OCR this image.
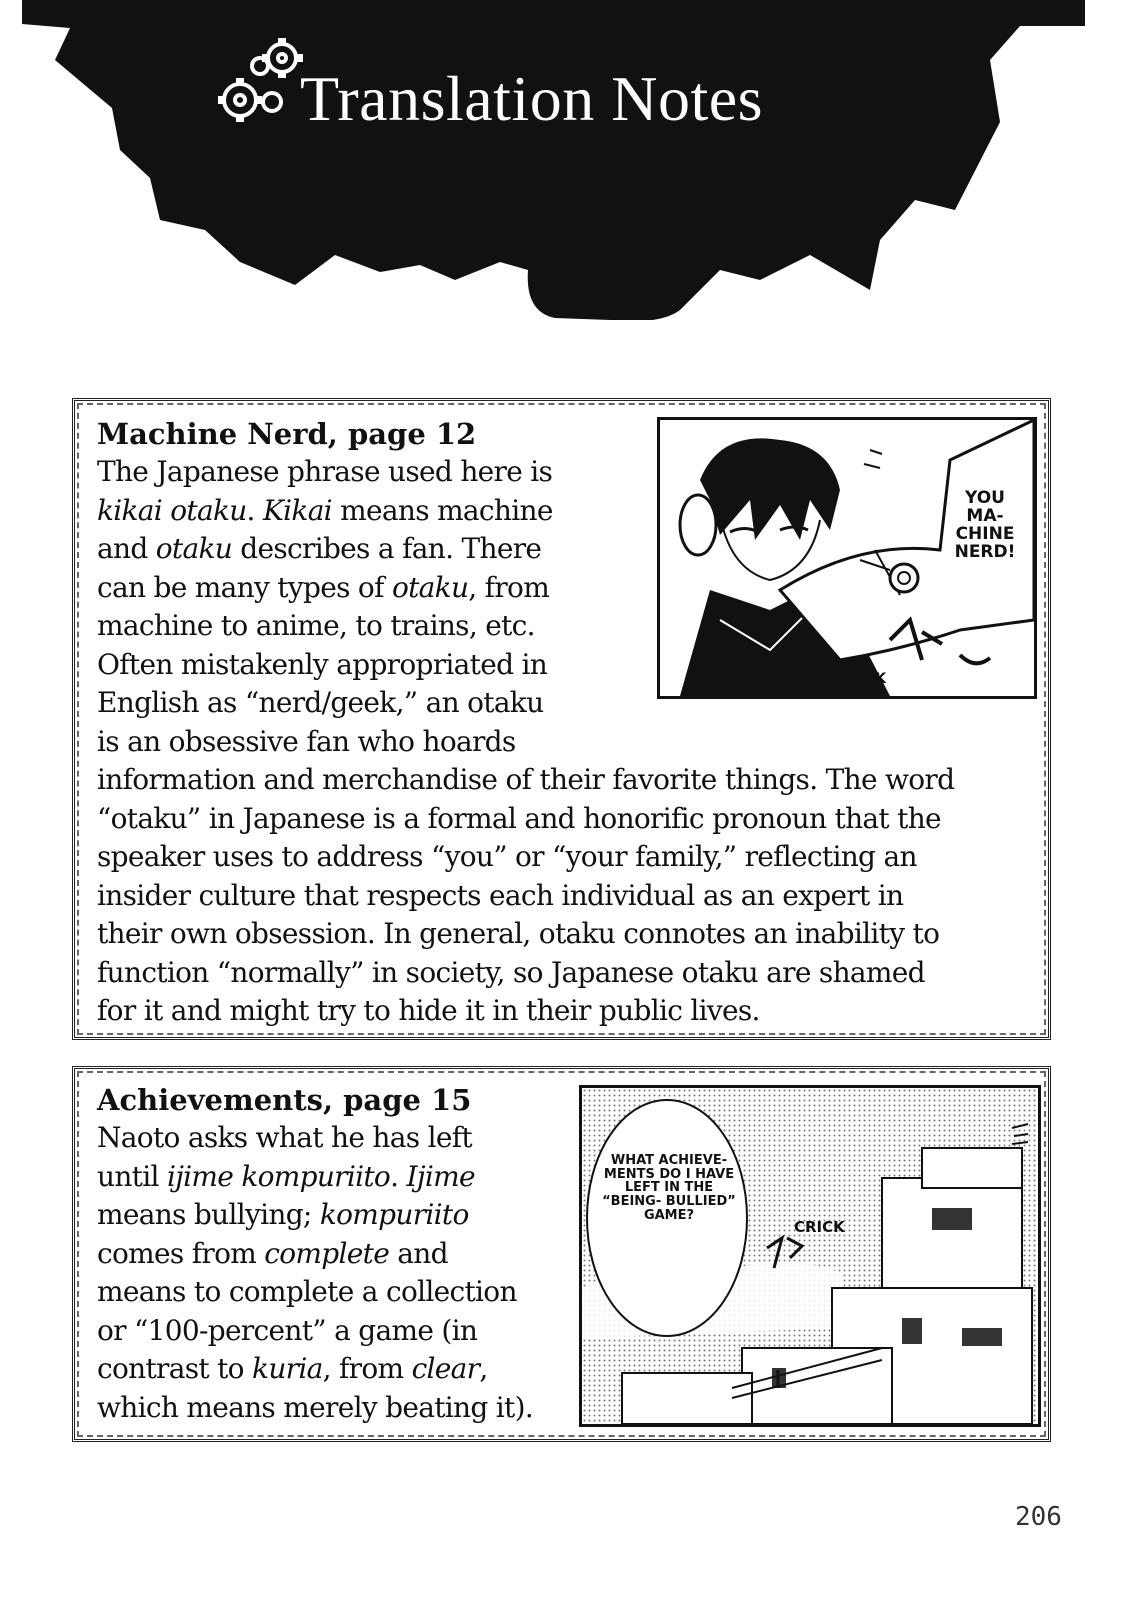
Translation Notes
Machine Nerd, page 12
The Japanese phrase used here is
kikai otaku. Kikai means machine
and otaku describes a fan. There
can be many types of otaku, from
machine to anime, to trains, etc.
Often mistakenly appropriated in
English as “nerd/geek,” an otaku
is an obsessive fan who hoards
information and merchandise of their favorite things. The word
“otaku” in Japanese is a formal and honorific pronoun that the
speaker uses to address “you” or “your family,” reflecting an
insider culture that respects each individual as an expert in
their own obsession. In general, otaku connotes an inability to
function “normally” in society, so Japanese otaku are shamed
for it and might try to hide it in their public lives.
YOU MA- CHINE NERD!
GHK
Achievements, page 15
Naoto asks what he has left
until ijime kompuriito. Ijime
means bullying; kompuriito
comes from complete and
means to complete a collection
or “100-percent” a game (in
contrast to kuria, from clear,
which means merely beating it).
WHAT ACHIEVE- MENTS DO I HAVE LEFT IN THE “BEING- BULLIED” GAME?
CRICK

206
